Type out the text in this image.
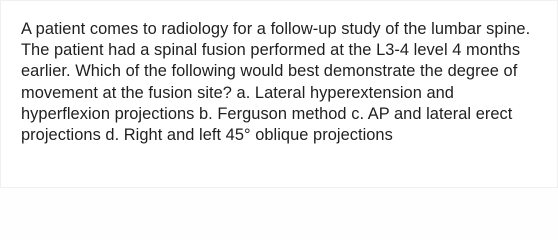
A patient comes to radiology for a follow-up study of the lumbar spine. The patient had a spinal fusion performed at the L3-4 level 4 months earlier. Which of the following would best demonstrate the degree of movement at the fusion site? a. Lateral hyperextension and hyperflexion projections b. Ferguson method c. AP and lateral erect projections d. Right and left 45° oblique projections
